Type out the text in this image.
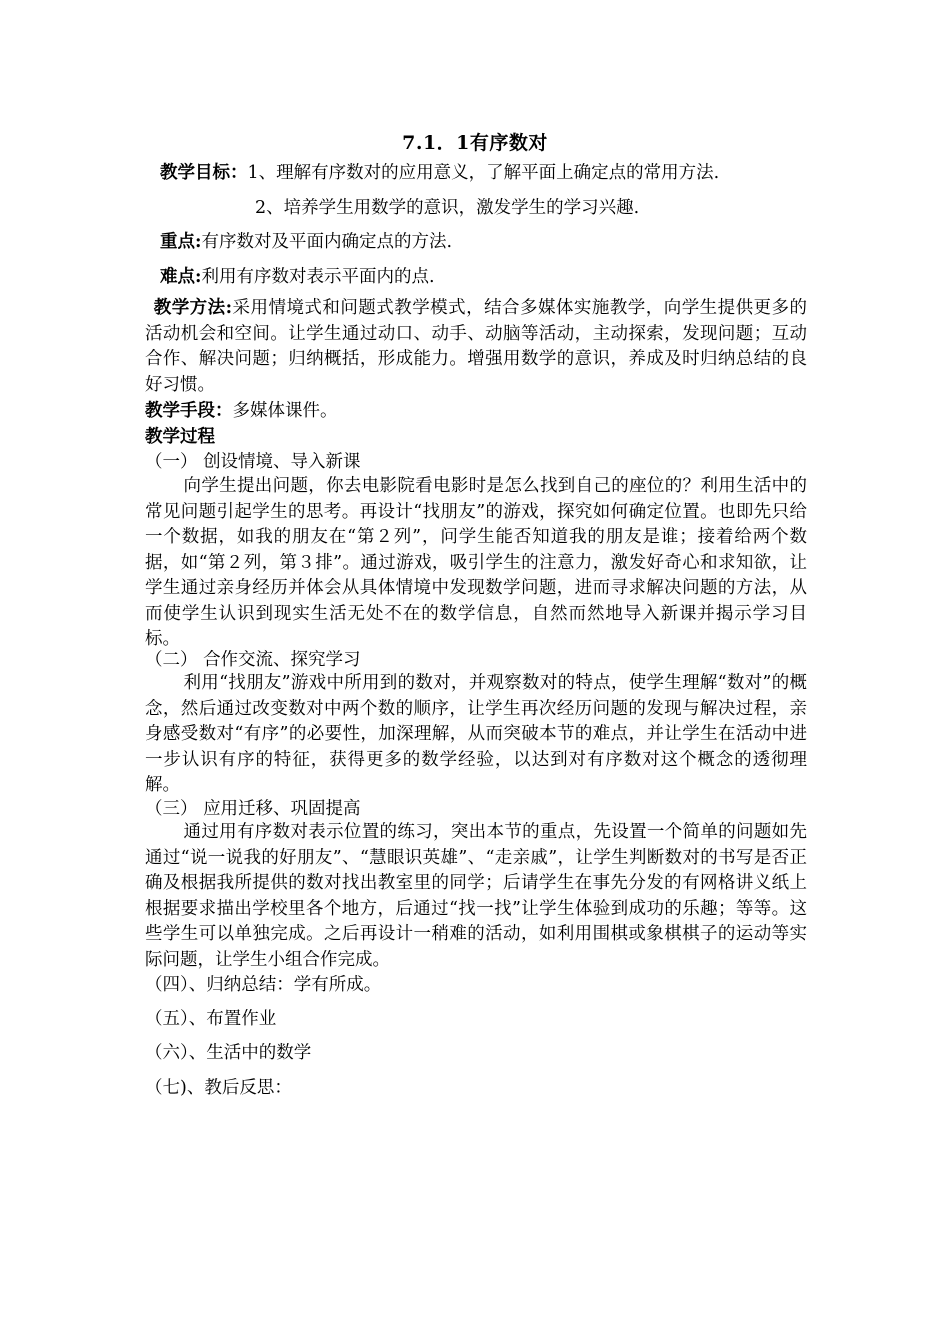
7.1．1有序数对
教学目标：1、理解有序数对的应用意义，了解平面上确定点的常用方法.
2、培养学生用数学的意识，激发学生的学习兴趣.
重点:有序数对及平面内确定点的方法.
难点:利用有序数对表示平面内的点.
教学方法:采用情境式和问题式教学模式，结合多媒体实施教学，向学生提供更多的活动机会和空间。让学生通过动口、动手、动脑等活动，主动探索，发现问题；互动合作、解决问题；归纳概括，形成能力。增强用数学的意识，养成及时归纳总结的良好习惯。
教学手段：多媒体课件。
教学过程
（一） 创设情境、导入新课
向学生提出问题，你去电影院看电影时是怎么找到自己的座位的？利用生活中的常见问题引起学生的思考。再设计“找朋友”的游戏，探究如何确定位置。也即先只给一个数据，如我的朋友在“第２列”，问学生能否知道我的朋友是谁；接着给两个数据，如“第２列，第３排”。通过游戏，吸引学生的注意力，激发好奇心和求知欲，让学生通过亲身经历并体会从具体情境中发现数学问题，进而寻求解决问题的方法，从而使学生认识到现实生活无处不在的数学信息，自然而然地导入新课并揭示学习目标。
（二） 合作交流、探究学习
利用“找朋友”游戏中所用到的数对，并观察数对的特点，使学生理解“数对”的概念，然后通过改变数对中两个数的顺序，让学生再次经历问题的发现与解决过程，亲身感受数对“有序”的必要性，加深理解，从而突破本节的难点，并让学生在活动中进一步认识有序的特征，获得更多的数学经验，以达到对有序数对这个概念的透彻理解。
（三） 应用迁移、巩固提高
通过用有序数对表示位置的练习，突出本节的重点，先设置一个简单的问题如先通过“说一说我的好朋友”、“慧眼识英雄”、“走亲戚”，让学生判断数对的书写是否正确及根据我所提供的数对找出教室里的同学；后请学生在事先分发的有网格讲义纸上根据要求描出学校里各个地方，后通过“找一找”让学生体验到成功的乐趣；等等。这些学生可以单独完成。之后再设计一稍难的活动，如利用围棋或象棋棋子的运动等实际问题，让学生小组合作完成。
（四）、归纳总结：学有所成。
（五）、布置作业
（六）、生活中的数学
（七)、教后反思：
